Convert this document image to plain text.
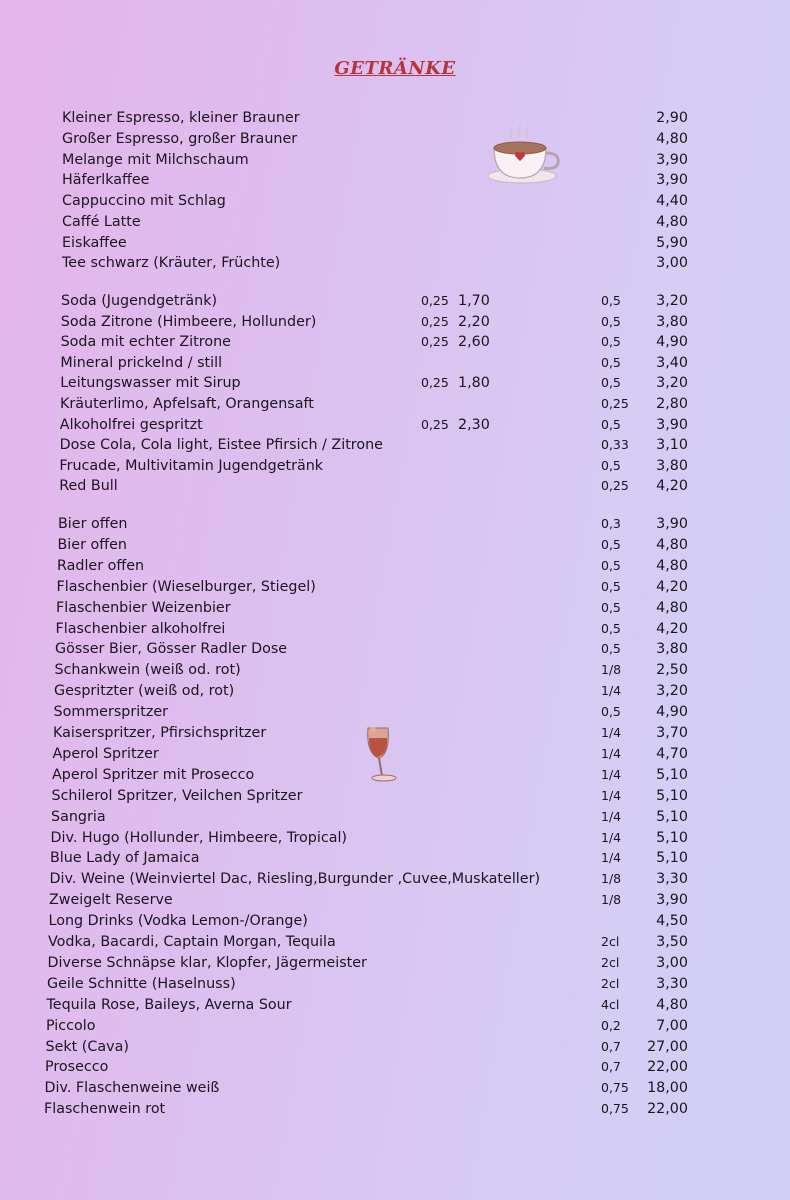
GETRÄNKE
Kleiner Espresso, kleiner Brauner	2,90
Großer Espresso, großer Brauner	4,80
Melange mit Milchschaum	3,90
Häferlkaffee	3,90
Cappuccino mit Schlag	4,40
Caffé Latte	4,80
Eiskaffee	5,90
Tee schwarz (Kräuter, Früchte)	3,00
Soda (Jugendgetränk)	0,25 1,70	0,5	3,20
Soda Zitrone (Himbeere, Hollunder)	0,25 2,20	0,5	3,80
Soda mit echter Zitrone	0,25 2,60	0,5	4,90
Mineral prickelnd / still	0,5	3,40
Leitungswasser mit Sirup	0,25 1,80	0,5	3,20
Kräuterlimo, Apfelsaft, Orangensaft	0,25	2,80
Alkoholfrei gespritzt	0,25 2,30	0,5	3,90
Dose Cola, Cola light, Eistee Pfirsich / Zitrone	0,33	3,10
Frucade, Multivitamin Jugendgetränk	0,5	3,80
Red Bull	0,25	4,20
Bier offen	0,3	3,90
Bier offen	0,5	4,80
Radler offen	0,5	4,80
Flaschenbier (Wieselburger, Stiegel)	0,5	4,20
Flaschenbier Weizenbier	0,5	4,80
Flaschenbier alkoholfrei	0,5	4,20
Gösser Bier, Gösser Radler Dose	0,5	3,80
Schankwein (weiß od. rot)	1/8	2,50
Gespritzter (weiß od, rot)	1/4	3,20
Sommerspritzer	0,5	4,90
Kaiserspritzer, Pfirsichspritzer	1/4	3,70
Aperol Spritzer	1/4	4,70
Aperol Spritzer mit Prosecco	1/4	5,10
Schilerol Spritzer, Veilchen Spritzer	1/4	5,10
Sangria	1/4	5,10
Div. Hugo (Hollunder, Himbeere, Tropical)	1/4	5,10
Blue Lady of Jamaica	1/4	5,10
Div. Weine (Weinviertel Dac, Riesling,Burgunder ,Cuvee,Muskateller)	1/8	3,30
Zweigelt Reserve	1/8	3,90
Long Drinks (Vodka Lemon-/Orange)	4,50
Vodka, Bacardi, Captain Morgan, Tequila	2cl	3,50
Diverse Schnäpse klar, Klopfer, Jägermeister	2cl	3,00
Geile Schnitte (Haselnuss)	2cl	3,30
Tequila Rose, Baileys, Averna Sour	4cl	4,80
Piccolo	0,2	7,00
Sekt (Cava)	0,7	27,00
Prosecco	0,7	22,00
Div. Flaschenweine weiß	0,75	18,00
Flaschenwein rot	0,75	22,00
